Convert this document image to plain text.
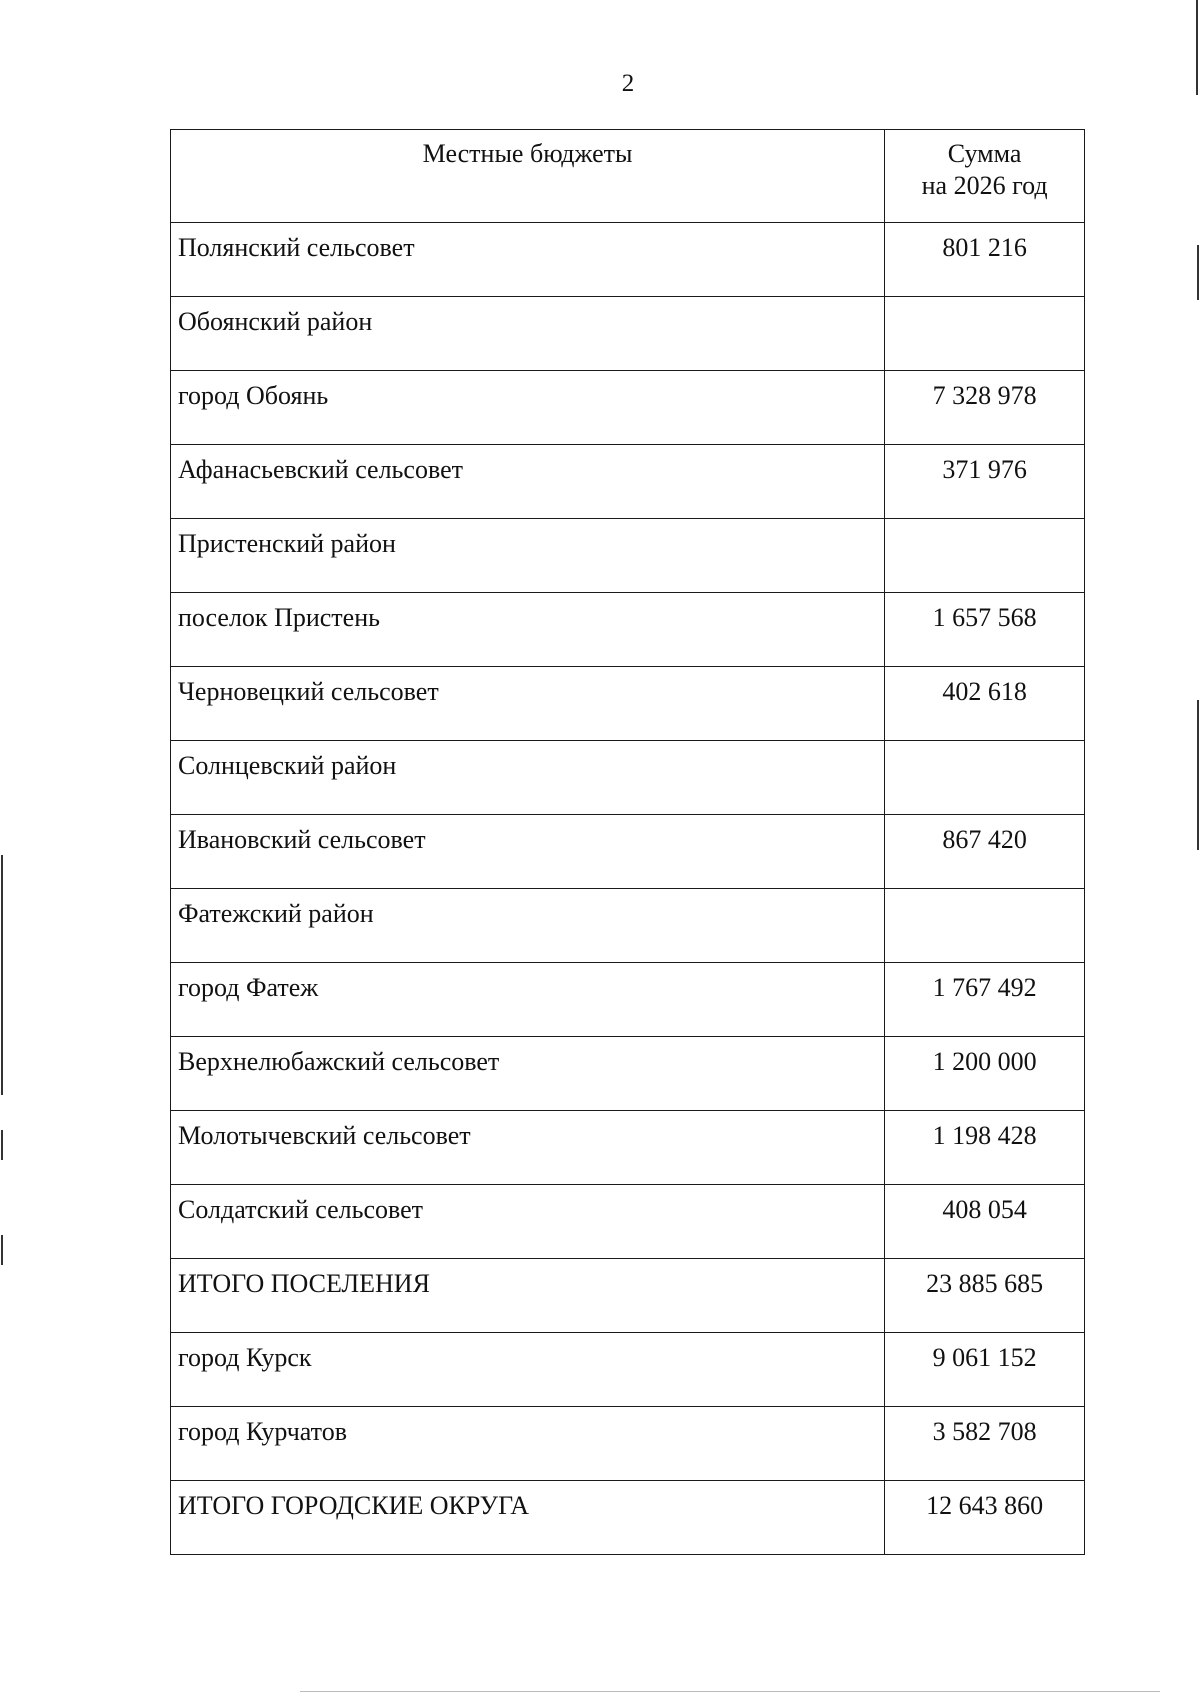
2
Местные бюджеты	Сумма
на 2026 год

Полянский сельсовет	801 216
Обоянский район	
город Обоянь	7 328 978
Афанасьевский сельсовет	371 976
Пристенский район	
поселок Пристень	1 657 568
Черновецкий сельсовет	402 618
Солнцевский район	
Ивановский сельсовет	867 420
Фатежский район	
город Фатеж	1 767 492
Верхнелюбажский сельсовет	1 200 000
Молотычевский сельсовет	1 198 428
Солдатский сельсовет	408 054
ИТОГО ПОСЕЛЕНИЯ	23 885 685
город Курск	9 061 152
город Курчатов	3 582 708
ИТОГО ГОРОДСКИЕ ОКРУГА	12 643 860
